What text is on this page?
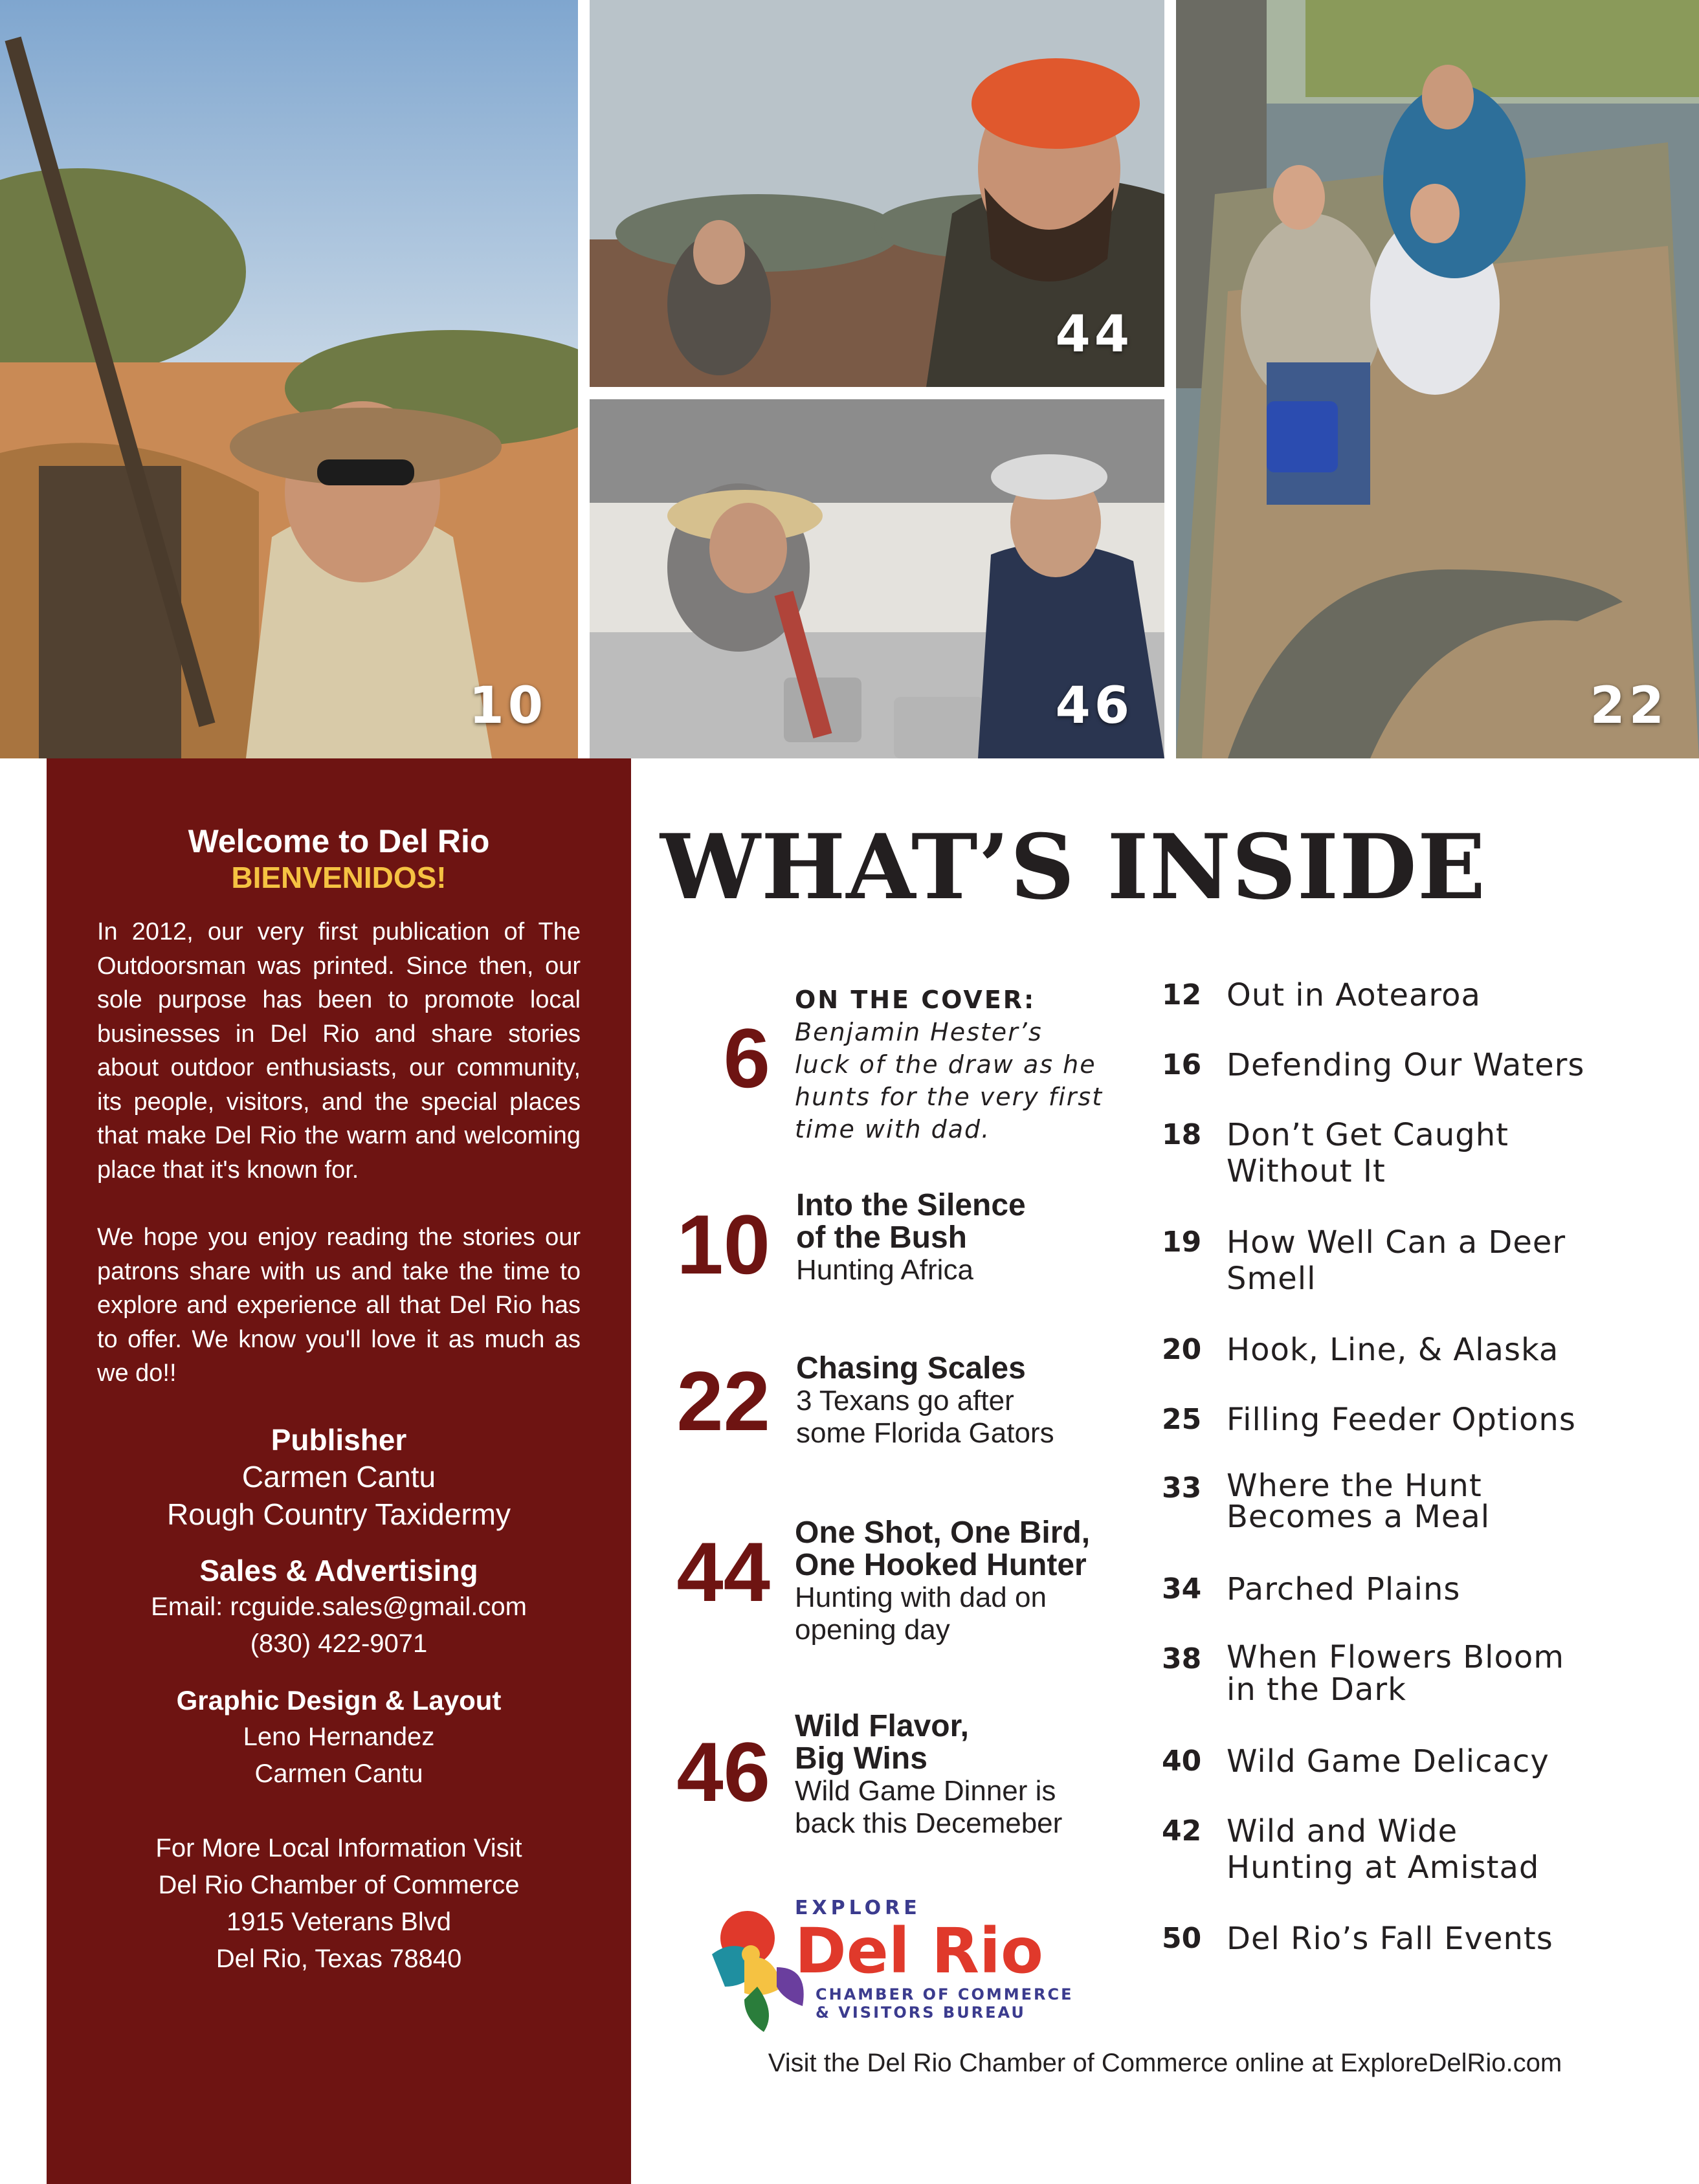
10
44
46	22
Welcome to Del Rio
BIENVENIDOS!

In 2012, our very first publication of The Outdoorsman was printed. Since then, our sole purpose has been to promote local businesses in Del Rio and share stories about outdoor enthusiasts, our community, its people, visitors, and the special places that make Del Rio the warm and welcoming place that it's known for.

We hope you enjoy reading the stories our patrons share with us and take the time to explore and experience all that Del Rio has to offer. We know you'll love it as much as we do!!

Publisher
Carmen Cantu
Rough Country Taxidermy
Sales & Advertising
Email: rcguide.sales@gmail.com
(830) 422-9071
Graphic Design & Layout
Leno Hernandez
Carmen Cantu
For More Local Information Visit
Del Rio Chamber of Commerce
1915 Veterans Blvd
Del Rio, Texas 78840
WHAT’S INSIDE
6
ON THE COVER:
Benjamin Hester’s
luck of the draw as he
hunts for the very first
time with dad.
10 Into the Silence
of the Bush
Hunting Africa
22 Chasing Scales
3 Texans go after
some Florida Gators
44 One Shot, One Bird,
One Hooked Hunter
Hunting with dad on
opening day
46 Wild Flavor,
Big Wins
Wild Game Dinner is
back this Decemeber
12 Out in Aotearoa
16 Defending Our Waters
18 Don’t Get Caught
Without It
19 How Well Can a Deer
Smell
20 Hook, Line, & Alaska
25 Filling Feeder Options
33 Where the Hunt
Becomes a Meal
34 Parched Plains
38 When Flowers Bloom
in the Dark
40 Wild Game Delicacy
42 Wild and Wide
Hunting at Amistad
50 Del Rio’s Fall Events
EXPLORE
Del Rio
CHAMBER OF COMMERCE
& VISITORS BUREAU
Visit the Del Rio Chamber of Commerce online at ExploreDelRio.com
